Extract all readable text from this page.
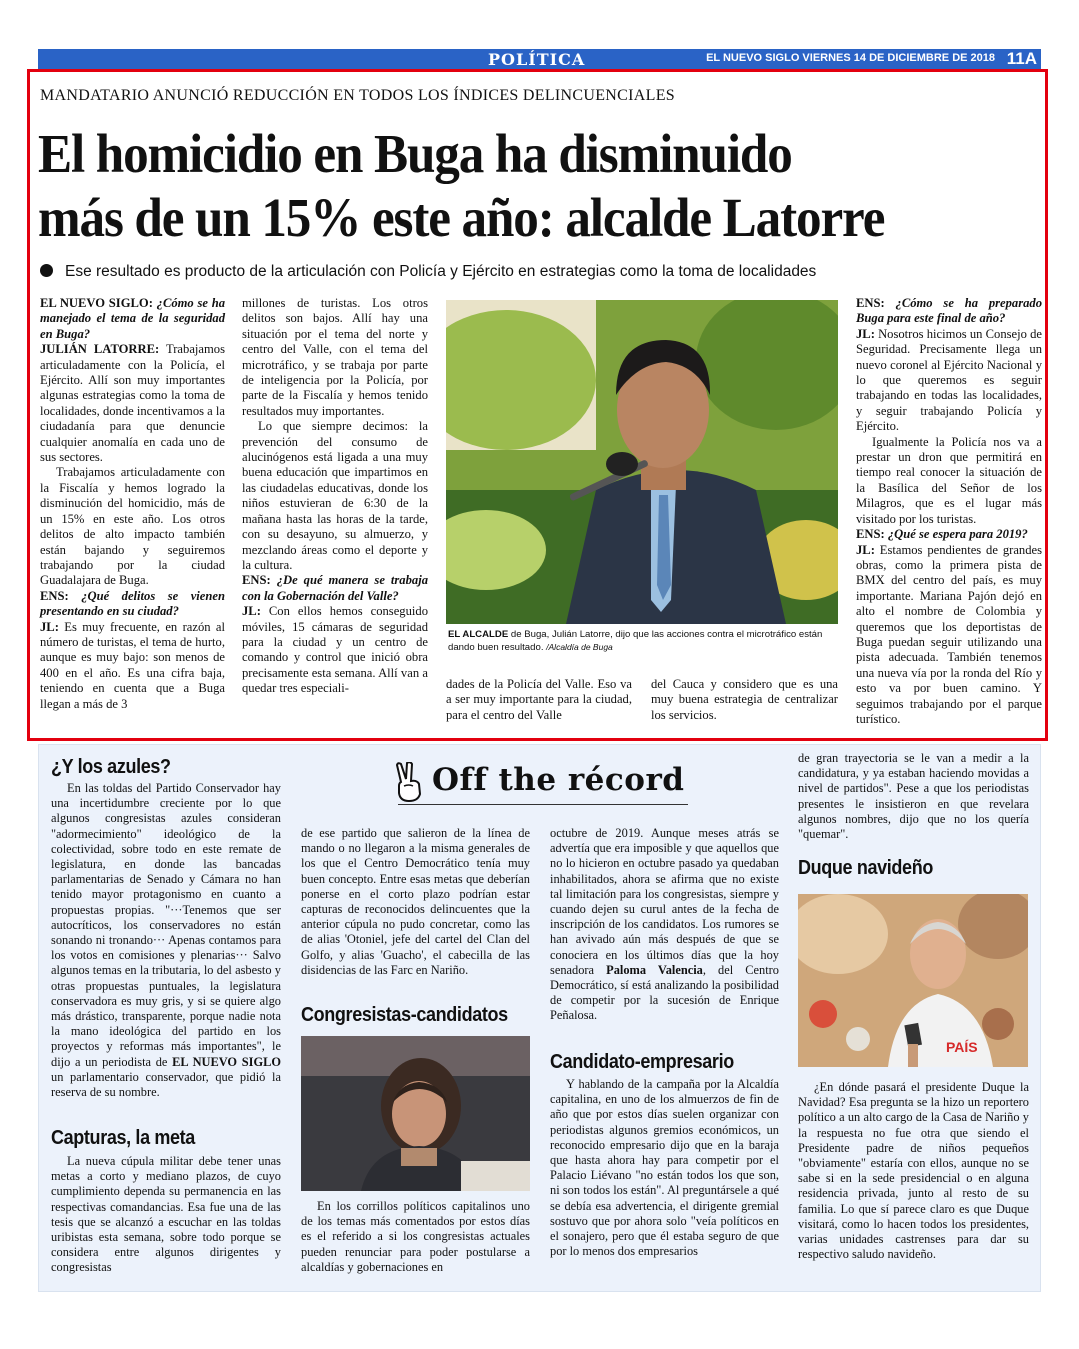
POLÍTICA	EL NUEVO SIGLO VIERNES 14 DE DICIEMBRE DE 2018 11A
MANDATARIO ANUNCIÓ REDUCCIÓN EN TODOS LOS ÍNDICES DELINCUENCIALES
El homicidio en Buga ha disminuido
más de un 15% este año: alcalde Latorre
Ese resultado es producto de la articulación con Policía y Ejército en estrategias como la toma de localidades

EL NUEVO SIGLO: ¿Cómo se ha manejado el tema de la seguridad en Buga?

JULIÁN LATORRE: Trabajamos articuladamente con la Policía, el Ejército. Allí son muy importantes algunas estrategias como la toma de localidades, donde incentivamos a la ciudadanía para que denuncie cualquier anomalía en cada uno de sus sectores.

Trabajamos articuladamente con la Fiscalía y hemos logrado la disminución del homicidio, más de un 15% en este año. Los otros delitos de alto impacto también están bajando y seguiremos trabajando por la ciudad Guadalajara de Buga.

ENS: ¿Qué delitos se vienen presentando en su ciudad?

JL: Es muy frecuente, en razón al número de turistas, el tema de hurto, aunque es muy bajo: son menos de 400 en el año. Es una cifra baja, teniendo en cuenta que a Buga llegan a más de 3

millones de turistas. Los otros delitos son bajos. Allí hay una situación por el tema del norte y centro del Valle, con el tema del microtráfico, y se trabaja por parte de inteligencia por la Policía, por parte de la Fiscalía y hemos tenido resultados muy importantes.

Lo que siempre decimos: la prevención del consumo de alucinógenos está ligada a una muy buena educación que impartimos en las ciudadelas educativas, donde los niños estuvieran de 6:30 de la mañana hasta las horas de la tarde, con su desayuno, su almuerzo, y mezclando áreas como el deporte y la cultura.

ENS: ¿De qué manera se trabaja con la Gobernación del Valle?

JL: Con ellos hemos conseguido móviles, 15 cámaras de seguridad para la ciudad y un centro de comando y control que inició obra precisamente esta semana. Allí van a quedar tres especiali-

EL ALCALDE de Buga, Julián Latorre, dijo que las acciones contra el microtráfico están dando buen resultado. /Alcaldía de Buga

dades de la Policía del Valle. Eso va a ser muy importante para la ciudad, para el centro del Valle

del Cauca y considero que es una muy buena estrategia de centralizar los servicios.

ENS: ¿Cómo se ha preparado Buga para este final de año?

JL: Nosotros hicimos un Consejo de Seguridad. Precisamente llega un nuevo coronel al Ejército Nacional y lo que queremos es seguir trabajando en todas las localidades, y seguir trabajando Policía y Ejército.

Igualmente la Policía nos va a prestar un dron que permitirá en tiempo real conocer la situación de la Basílica del Señor de los Milagros, que es el lugar más visitado por los turistas.

ENS: ¿Qué se espera para 2019?

JL: Estamos pendientes de grandes obras, como la primera pista de BMX del centro del país, es muy importante. Mariana Pajón dejó en alto el nombre de Colombia y queremos que los deportistas de Buga puedan seguir utilizando una pista adecuada. También tenemos una nueva vía por la ronda del Río y esto va por buen camino. Y seguimos trabajando por el parque turístico.

Off the récord
¿Y los azules?

En las toldas del Partido Conservador hay una incertidumbre creciente por lo que algunos congresistas azules consideran "adormecimiento" ideológico de la colectividad, sobre todo en este remate de legislatura, en donde las bancadas parlamentarias de Senado y Cámara no han tenido mayor protagonismo en cuanto a propuestas propias. "···Tenemos que ser autocríticos, los conservadores no están sonando ni tronando··· Apenas contamos para los votos en comisiones y plenarias··· Salvo algunos temas en la tributaria, lo del asbesto y otras propuestas puntuales, la legislatura conservadora es muy gris, y si se quiere algo más drástico, transparente, porque nadie nota la mano ideológica del partido en los proyectos y reformas más importantes", le dijo a un periodista de EL NUEVO SIGLO un parlamentario conservador, que pidió la reserva de su nombre.

Capturas, la meta

La nueva cúpula militar debe tener unas metas a corto y mediano plazos, de cuyo cumplimiento dependa su permanencia en las respectivas comandancias. Esa fue una de las tesis que se alcanzó a escuchar en las toldas uribistas esta semana, sobre todo porque se considera entre algunos dirigentes y congresistas

de ese partido que salieron de la línea de mando o no llegaron a la misma generales de los que el Centro Democrático tenía muy buen concepto. Entre esas metas que deberían ponerse en el corto plazo podrían estar capturas de reconocidos delincuentes que la anterior cúpula no pudo concretar, como las de alias 'Otoniel, jefe del cartel del Clan del Golfo, y alias 'Guacho', el cabecilla de las disidencias de las Farc en Nariño.

Congresistas-candidatos

En los corrillos políticos capitalinos uno de los temas más comentados por estos días es el referido a si los congresistas actuales pueden renunciar para poder postularse a alcaldías y gobernaciones en

octubre de 2019. Aunque meses atrás se advertía que era imposible y que aquellos que no lo hicieron en octubre pasado ya quedaban inhabilitados, ahora se afirma que no existe tal limitación para los congresistas, siempre y cuando dejen su curul antes de la fecha de inscripción de los candidatos. Los rumores se han avivado aún más después de que se conociera en los últimos días que la hoy senadora Paloma Valencia, del Centro Democrático, sí está analizando la posibilidad de competir por la sucesión de Enrique Peñalosa.

Candidato-empresario

Y hablando de la campaña por la Alcaldía capitalina, en uno de los almuerzos de fin de año que por estos días suelen organizar con periodistas algunos gremios económicos, un reconocido empresario dijo que en la baraja que hasta ahora hay para competir por el Palacio Liévano "no están todos los que son, ni son todos los están". Al preguntársele a qué se debía esa advertencia, el dirigente gremial sostuvo que por ahora solo "veía políticos en el sonajero, pero que él estaba seguro de que por lo menos dos empresarios

de gran trayectoria se le van a medir a la candidatura, y ya estaban haciendo movidas a nivel de partidos". Pese a que los periodistas presentes le insistieron en que revelara algunos nombres, dijo que no los quería "quemar".

Duque navideño
PAÍS

¿En dónde pasará el presidente Duque la Navidad? Esa pregunta se la hizo un reportero político a un alto cargo de la Casa de Nariño y la respuesta no fue otra que siendo el Presidente padre de niños pequeños "obviamente" estaría con ellos, aunque no se sabe si en la sede presidencial o en alguna residencia privada, junto al resto de su familia. Lo que sí parece claro es que Duque visitará, como lo hacen todos los presidentes, varias unidades castrenses para dar su respectivo saludo navideño.
